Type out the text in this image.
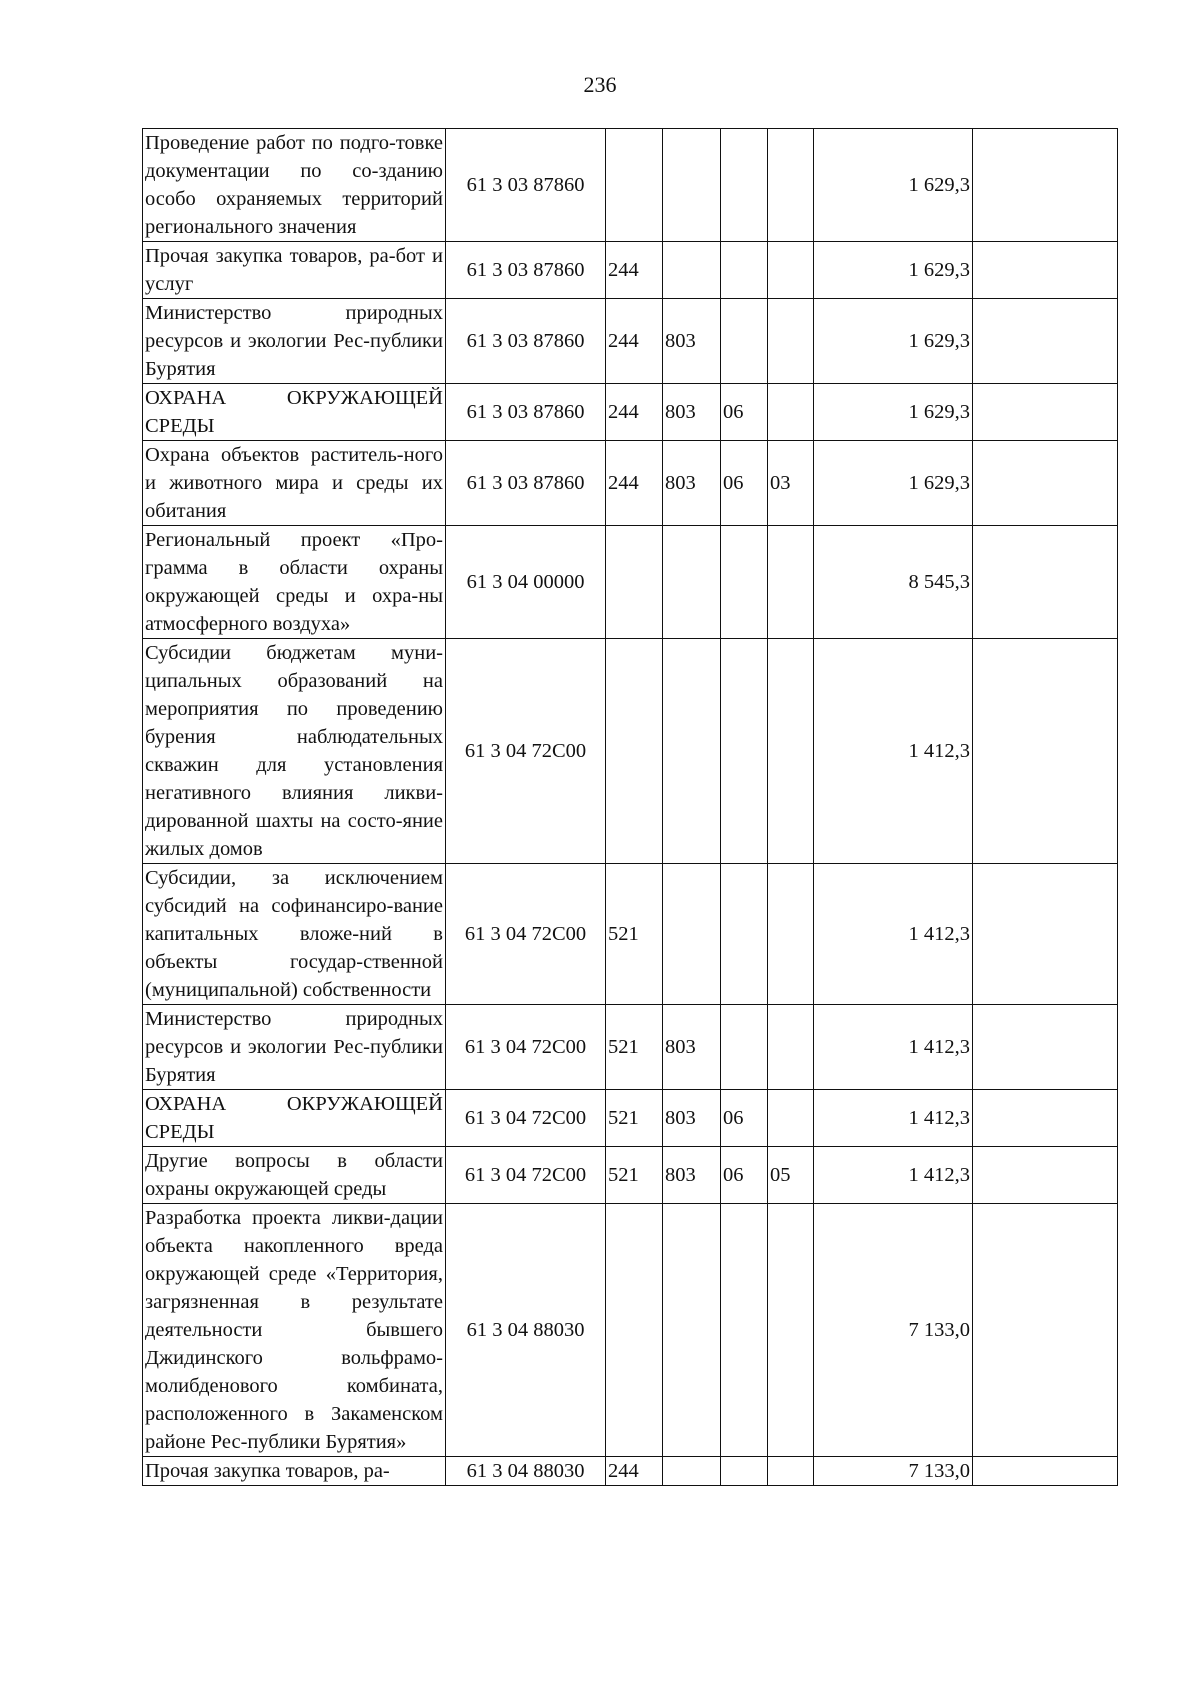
236
Проведение работ по подго-товке документации по со-зданию особо охраняемых территорий регионального значения	61 3 03 87860					1 629,3	
Прочая закупка товаров, ра-бот и услуг	61 3 03 87860	244				1 629,3	
Министерство природных ресурсов и экологии Рес-публики Бурятия	61 3 03 87860	244	803			1 629,3	
ОХРАНА ОКРУЖАЮЩЕЙ СРЕДЫ	61 3 03 87860	244	803	06		1 629,3	
Охрана объектов раститель-ного и животного мира и среды их обитания	61 3 03 87860	244	803	06	03	1 629,3	
Региональный проект «Про-грамма в области охраны окружающей среды и охра-ны атмосферного воздуха»	61 3 04 00000					8 545,3	
Субсидии бюджетам муни-ципальных образований на мероприятия по проведению бурения наблюдательных скважин для установления негативного влияния ликви-дированной шахты на состо-яние жилых домов	61 3 04 72С00					1 412,3	
Субсидии, за исключением субсидий на софинансиро-вание капитальных вложе-ний в объекты государ-ственной (муниципальной) собственности	61 3 04 72С00	521				1 412,3	
Министерство природных ресурсов и экологии Рес-публики Бурятия	61 3 04 72С00	521	803			1 412,3	
ОХРАНА ОКРУЖАЮЩЕЙ СРЕДЫ	61 3 04 72С00	521	803	06		1 412,3	
Другие вопросы в области охраны окружающей среды	61 3 04 72С00	521	803	06	05	1 412,3	
Разработка проекта ликви-дации объекта накопленного вреда окружающей среде «Территория, загрязненная в результате деятельности бывшего Джидинского вольфрамо-молибденового комбината, расположенного в Закаменском районе Рес-публики Бурятия»	61 3 04 88030					7 133,0	
Прочая закупка товаров, ра-	61 3 04 88030	244				7 133,0	
